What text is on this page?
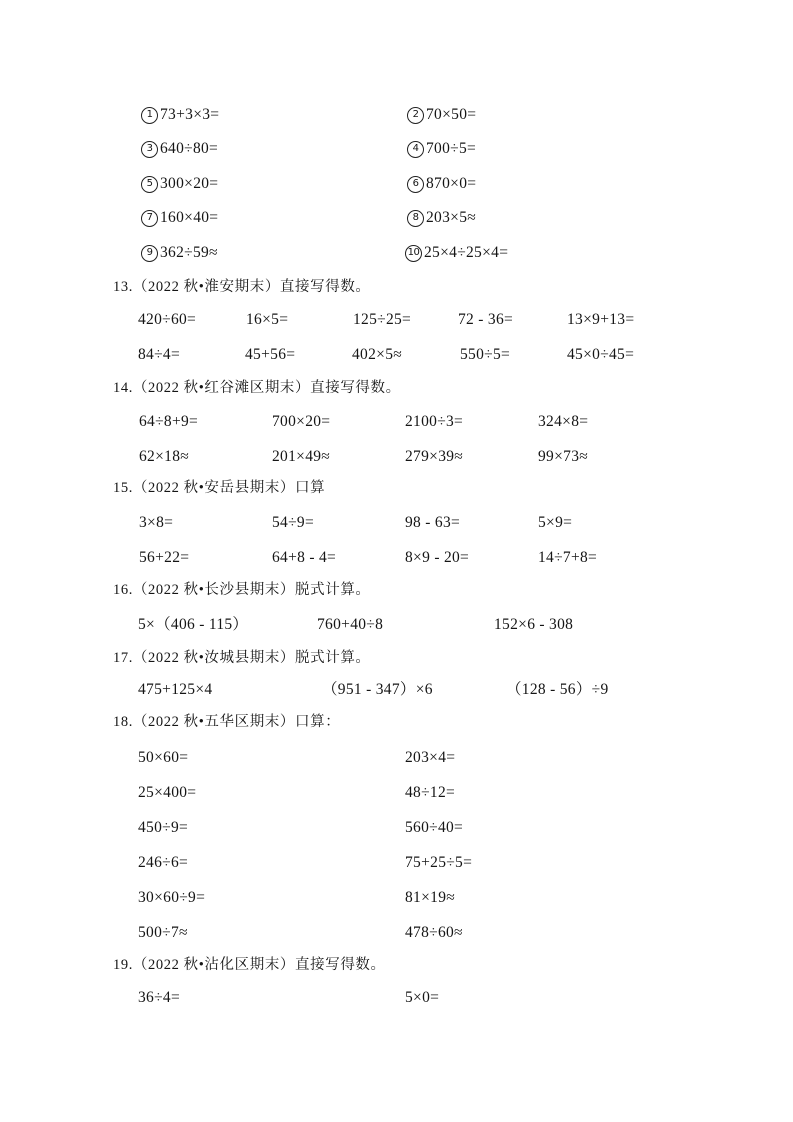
1 73+3×3=	2 70×50=
3 640÷80=	4 700÷5=
5 300×20=	6 870×0=
7 160×40=	8 203×5≈
9 362÷59≈	10 25×4÷25×4=
13.（2022 秋•淮安期末）直接写得数。
420÷60=	16×5=	125÷25=	72 - 36=	13×9+13=
84÷4=	45+56=	402×5≈	550÷5=	45×0÷45=
14.（2022 秋•红谷滩区期末）直接写得数。
64÷8+9=	700×20=	2100÷3=	324×8=
62×18≈	201×49≈	279×39≈	99×73≈
15.（2022 秋•安岳县期末）口算
3×8=	54÷9=	98 - 63=	5×9=
56+22=	64+8 - 4=	8×9 - 20=	14÷7+8=
16.（2022 秋•长沙县期末）脱式计算。
5×（406 - 115）	760+40÷8	152×6 - 308
17.（2022 秋•汝城县期末）脱式计算。
475+125×4	（951 - 347）×6	（128 - 56）÷9
18.（2022 秋•五华区期末）口算：
50×60=	203×4=
25×400=	48÷12=
450÷9=	560÷40=
246÷6=	75+25÷5=
30×60÷9=	81×19≈
500÷7≈	478÷60≈
19.（2022 秋•沾化区期末）直接写得数。
36÷4=	5×0=
